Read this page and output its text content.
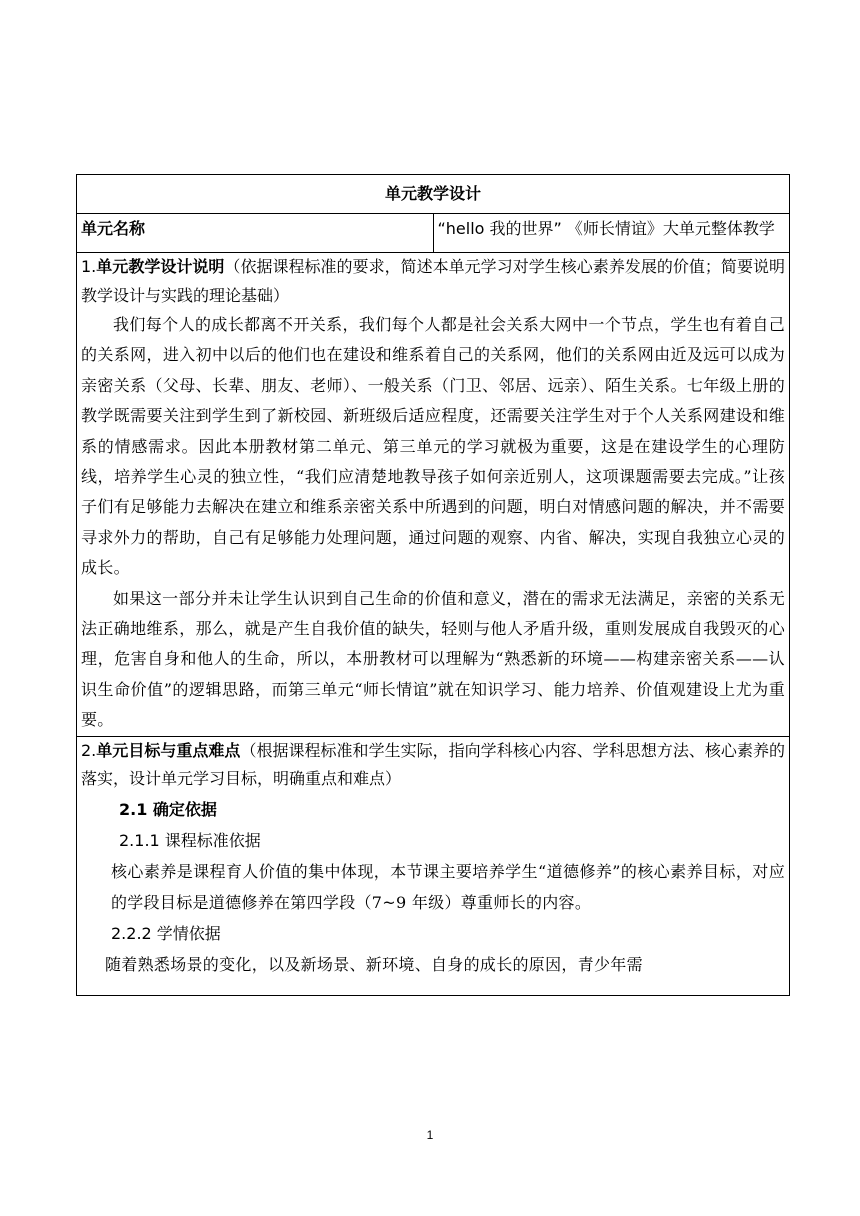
单元教学设计
单元名称	“hello 我的世界” 《师长情谊》大单元整体教学

1.单元教学设计说明（依据课程标准的要求，简述本单元学习对学生核心素养发展的价值；简要说明教学设计与实践的理论基础）

我们每个人的成长都离不开关系，我们每个人都是社会关系大网中一个节点，学生也有着自己的关系网，进入初中以后的他们也在建设和维系着自己的关系网，他们的关系网由近及远可以成为亲密关系（父母、长辈、朋友、老师）、一般关系（门卫、邻居、远亲）、陌生关系。七年级上册的教学既需要关注到学生到了新校园、新班级后适应程度，还需要关注学生对于个人关系网建设和维系的情感需求。因此本册教材第二单元、第三单元的学习就极为重要，这是在建设学生的心理防线，培养学生心灵的独立性，“我们应清楚地教导孩子如何亲近别人，这项课题需要去完成。”让孩子们有足够能力去解决在建立和维系亲密关系中所遇到的问题，明白对情感问题的解决，并不需要寻求外力的帮助，自己有足够能力处理问题，通过问题的观察、内省、解决，实现自我独立心灵的成长。

如果这一部分并未让学生认识到自己生命的价值和意义，潜在的需求无法满足，亲密的关系无法正确地维系，那么，就是产生自我价值的缺失，轻则与他人矛盾升级，重则发展成自我毁灭的心理，危害自身和他人的生命，所以，本册教材可以理解为“熟悉新的环境——构建亲密关系——认识生命价值”的逻辑思路，而第三单元“师长情谊”就在知识学习、能力培养、价值观建设上尤为重要。

2.单元目标与重点难点（根据课程标准和学生实际，指向学科核心内容、学科思想方法、核心素养的落实，设计单元学习目标，明确重点和难点）

2.1 确定依据

2.1.1 课程标准依据

核心素养是课程育人价值的集中体现，本节课主要培养学生“道德修养”的核心素养目标，对应的学段目标是道德修养在第四学段（7~9 年级）尊重师长的内容。

2.2.2 学情依据

随着熟悉场景的变化，以及新场景、新环境、自身的成长的原因，青少年需

1
